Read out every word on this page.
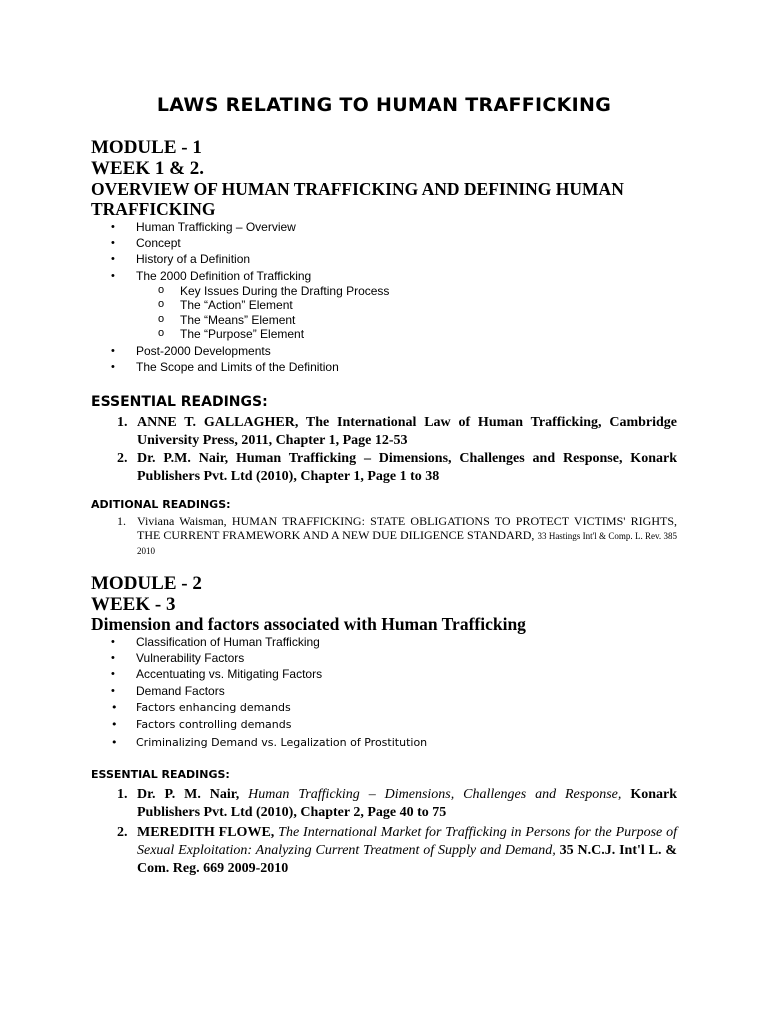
LAWS RELATING TO HUMAN TRAFFICKING
MODULE - 1
WEEK 1 & 2.
OVERVIEW OF HUMAN TRAFFICKING AND DEFINING HUMAN
TRAFFICKING
• Human Trafficking – Overview
• Concept
• History of a Definition
• The 2000 Definition of Trafficking
o Key Issues During the Drafting Process
o The “Action” Element
o The “Means” Element
o The “Purpose” Element
• Post-2000 Developments
• The Scope and Limits of the Definition
ESSENTIAL READINGS:
1. ANNE T. GALLAGHER, The International Law of Human Trafficking, Cambridge University Press, 2011, Chapter 1, Page 12-53
2. Dr. P.M. Nair, Human Trafficking – Dimensions, Challenges and Response, Konark Publishers Pvt. Ltd (2010), Chapter 1, Page 1 to 38
ADITIONAL READINGS:
1. Viviana Waisman, HUMAN TRAFFICKING: STATE OBLIGATIONS TO PROTECT VICTIMS' RIGHTS, THE CURRENT FRAMEWORK AND A NEW DUE DILIGENCE STANDARD, 33 Hastings Int'l & Comp. L. Rev. 385 2010
MODULE - 2
WEEK - 3
Dimension and factors associated with Human Trafficking
• Classification of Human Trafficking
• Vulnerability Factors
• Accentuating vs. Mitigating Factors
• Demand Factors
• Factors enhancing demands
• Factors controlling demands
• Criminalizing Demand vs. Legalization of Prostitution
ESSENTIAL READINGS:
1. Dr. P. M. Nair, Human Trafficking – Dimensions, Challenges and Response, Konark Publishers Pvt. Ltd (2010), Chapter 2, Page 40 to 75
2. MEREDITH FLOWE, The International Market for Trafficking in Persons for the Purpose of Sexual Exploitation: Analyzing Current Treatment of Supply and Demand, 35 N.C.J. Int'l L. & Com. Reg. 669 2009-2010
